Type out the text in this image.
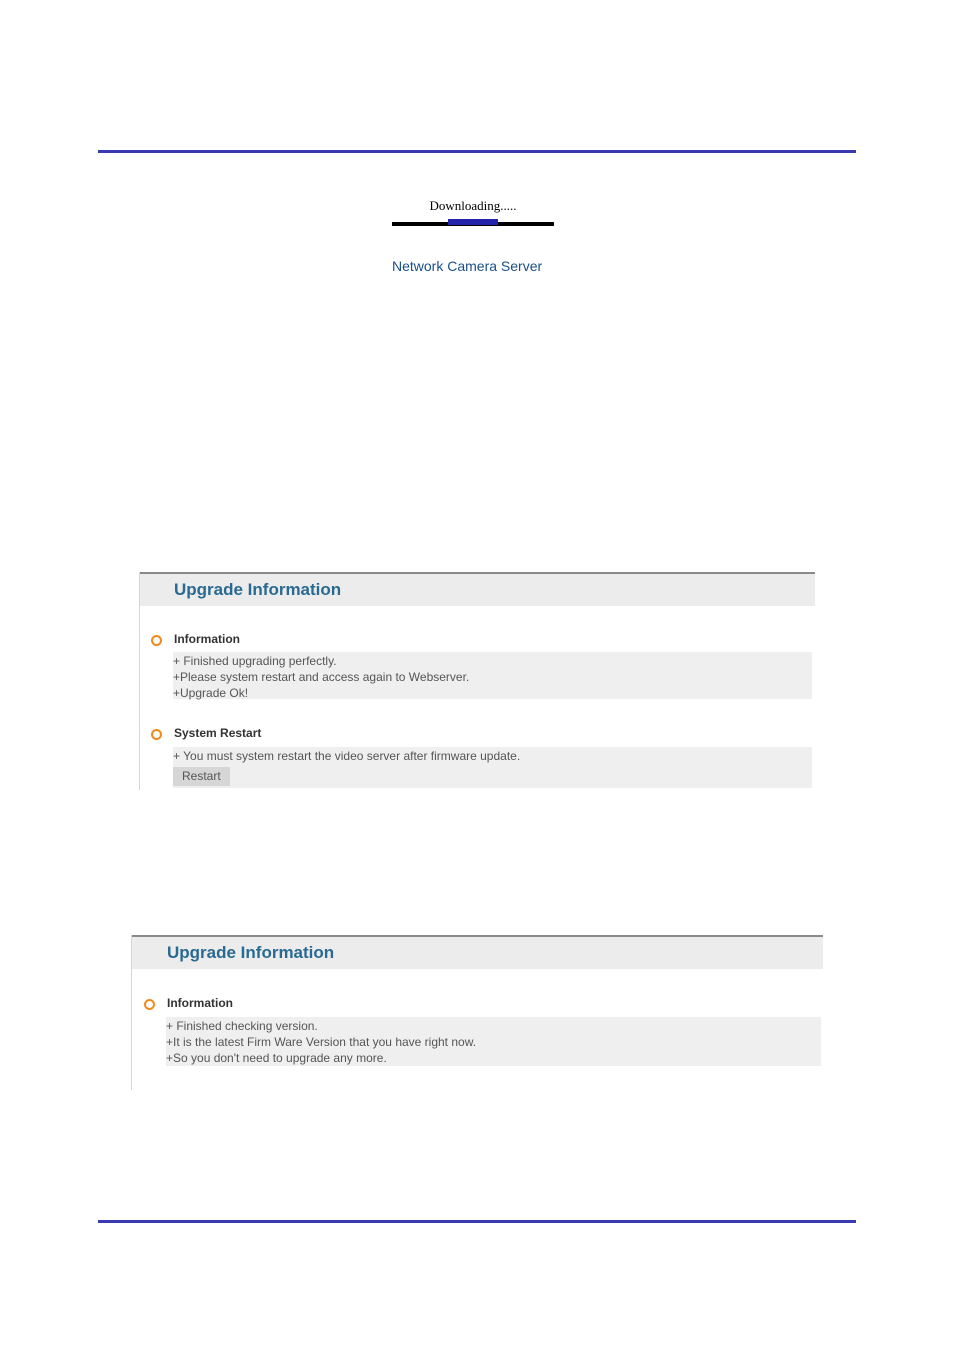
Downloading.....
Network Camera Server
Upgrade Information
Information
+ Finished upgrading perfectly.
+Please system restart and access again to Webserver.
+Upgrade Ok!
System Restart
+ You must system restart the video server after firmware update.
Restart
Upgrade Information
Information
+ Finished checking version.
+It is the latest Firm Ware Version that you have right now.
+So you don't need to upgrade any more.
